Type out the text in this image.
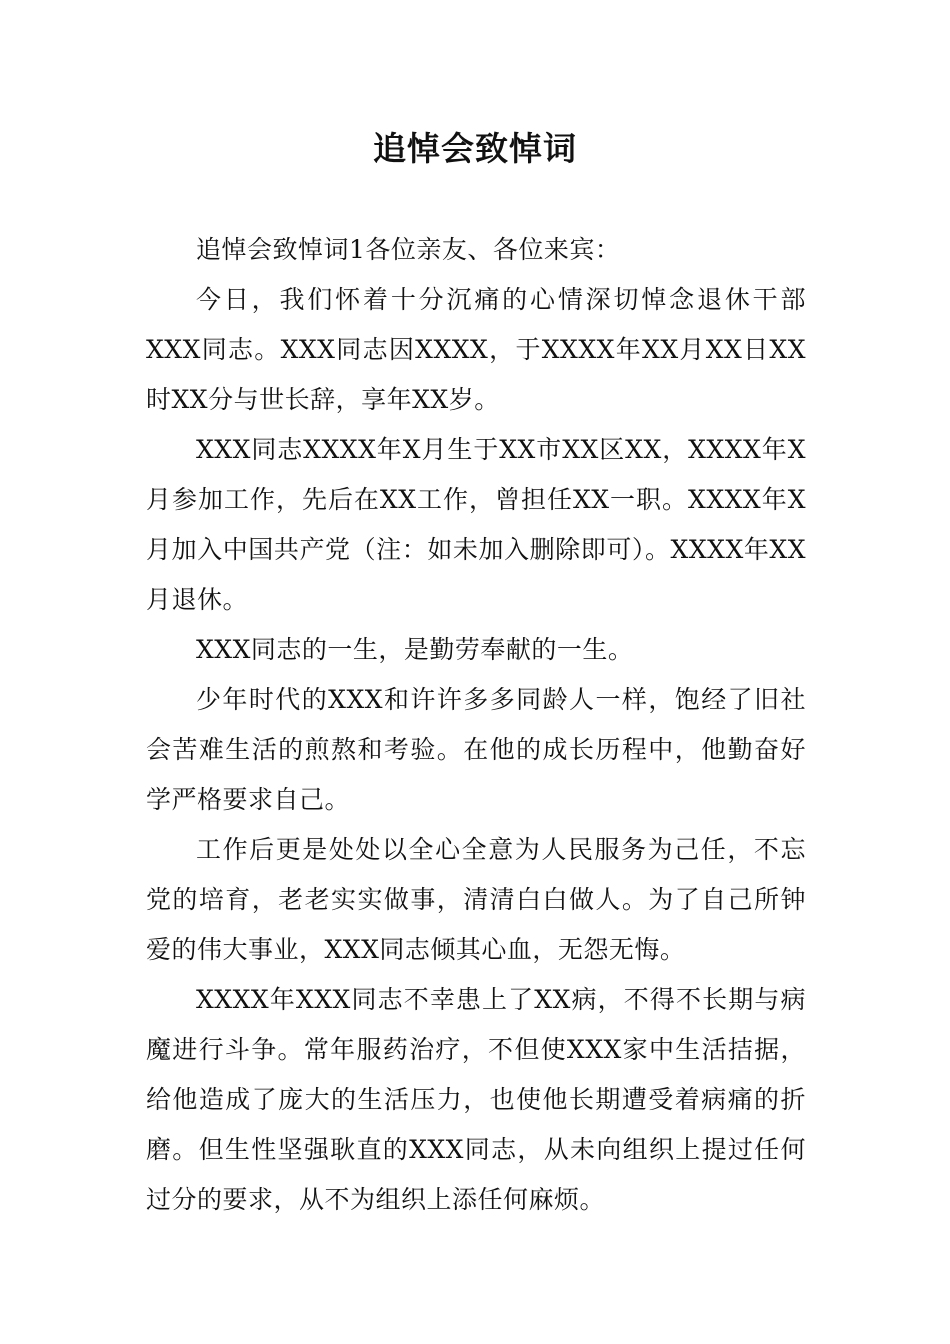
追悼会致悼词

追悼会致悼词1各位亲友、各位来宾：

今日，我们怀着十分沉痛的心情深切悼念退休干部XXX同志。XXX同志因XXXX，于XXXX年XX月XX日XX时XX分与世长辞，享年XX岁。

XXX同志XXXX年X月生于XX市XX区XX，XXXX年X月参加工作，先后在XX工作，曾担任XX一职。XXXX年X月加入中国共产党（注：如未加入删除即可）。XXXX年XX月退休。

XXX同志的一生，是勤劳奉献的一生。

少年时代的XXX和许许多多同龄人一样，饱经了旧社会苦难生活的煎熬和考验。在他的成长历程中，他勤奋好学严格要求自己。

工作后更是处处以全心全意为人民服务为己任，不忘党的培育，老老实实做事，清清白白做人。为了自己所钟爱的伟大事业，XXX同志倾其心血，无怨无悔。

XXXX年XXX同志不幸患上了XX病，不得不长期与病魔进行斗争。常年服药治疗，不但使XXX家中生活拮据，给他造成了庞大的生活压力，也使他长期遭受着病痛的折磨。但生性坚强耿直的XXX同志，从未向组织上提过任何过分的要求，从不为组织上添任何麻烦。
